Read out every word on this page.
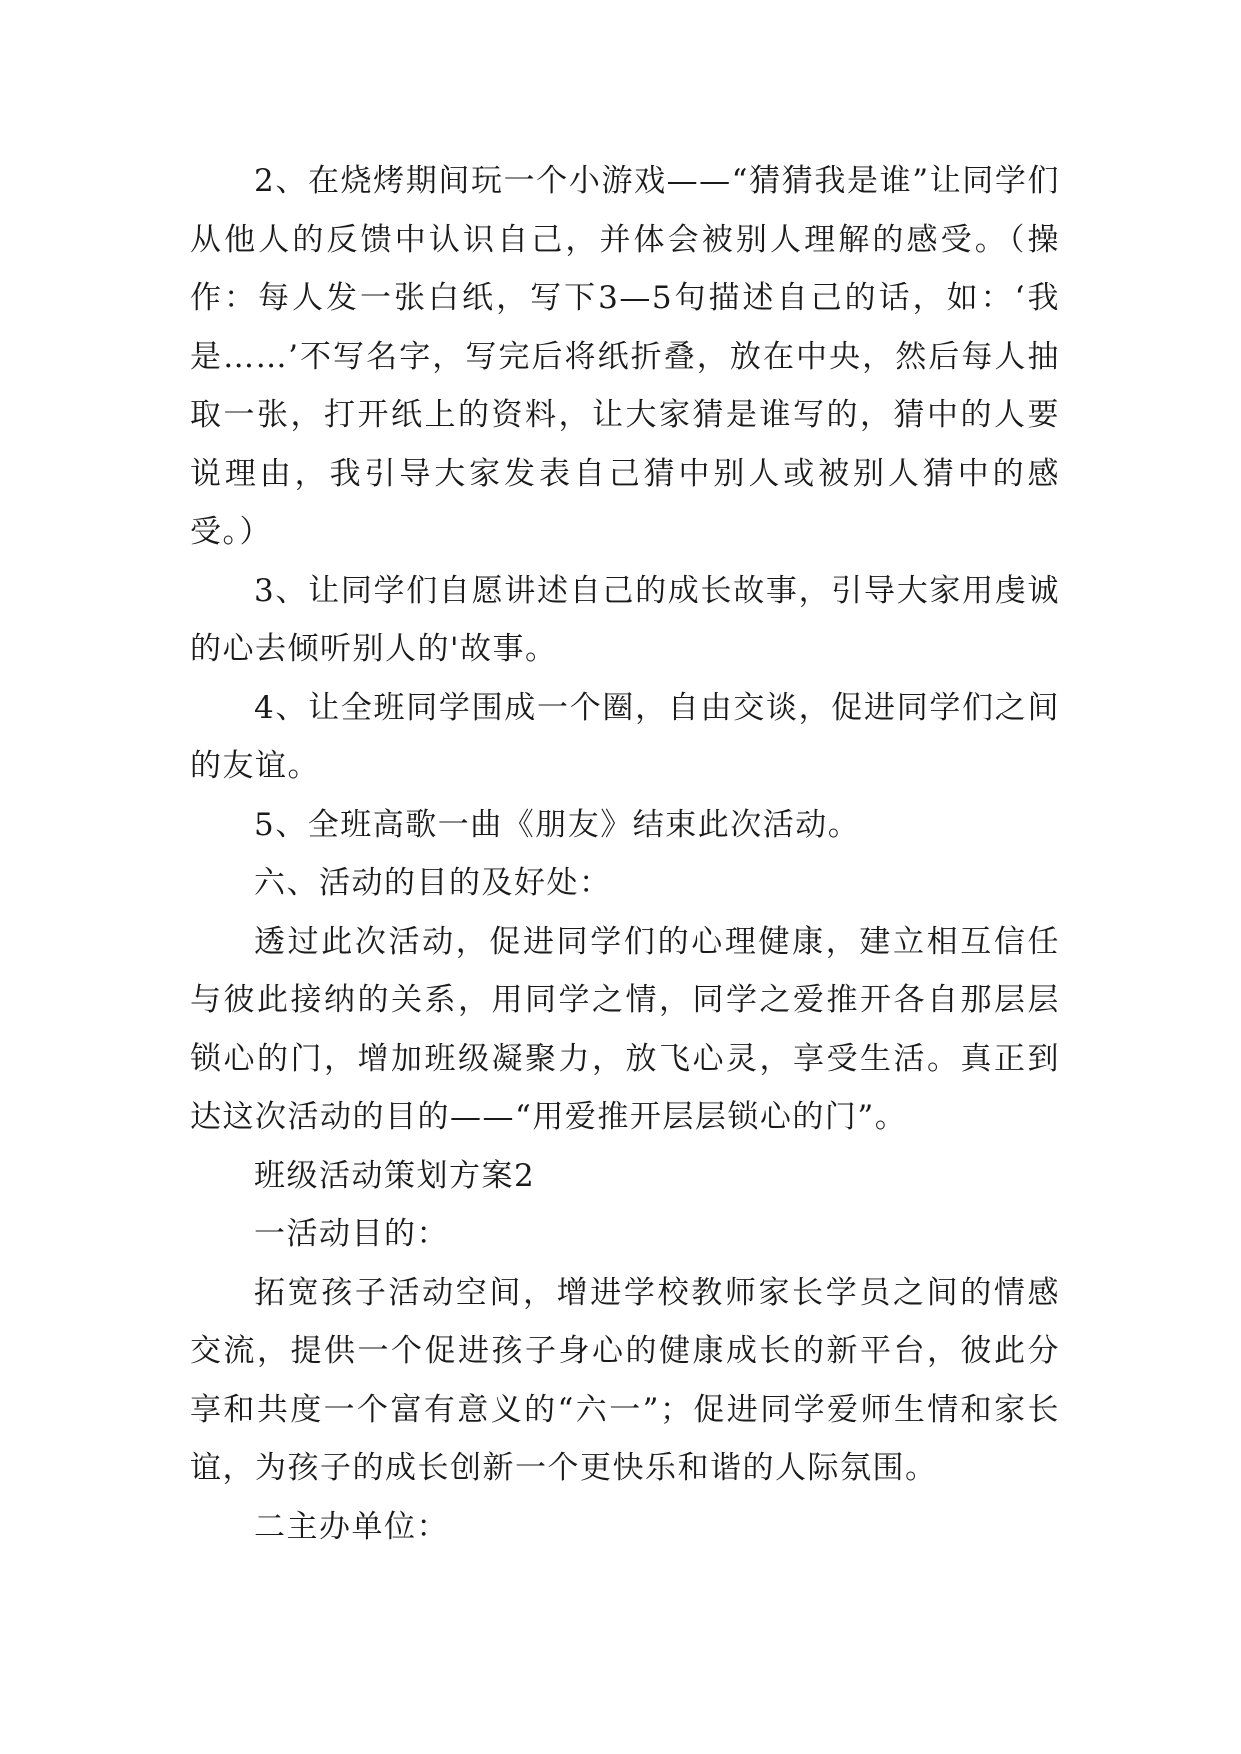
2、在烧烤期间玩一个小游戏——“猜猜我是谁”让同学们从他人的反馈中认识自己，并体会被别人理解的感受。（操作：每人发一张白纸，写下3—5句描述自己的话，如：‘我是……’不写名字，写完后将纸折叠，放在中央，然后每人抽取一张，打开纸上的资料，让大家猜是谁写的，猜中的人要说理由，我引导大家发表自己猜中别人或被别人猜中的感受。）

3、让同学们自愿讲述自己的成长故事，引导大家用虔诚的心去倾听别人的'故事。

4、让全班同学围成一个圈，自由交谈，促进同学们之间的友谊。

5、全班高歌一曲《朋友》结束此次活动。

六、活动的目的及好处：

透过此次活动，促进同学们的心理健康，建立相互信任与彼此接纳的关系，用同学之情，同学之爱推开各自那层层锁心的门，增加班级凝聚力，放飞心灵，享受生活。真正到达这次活动的目的——“用爱推开层层锁心的门”。

班级活动策划方案2

一活动目的：

拓宽孩子活动空间，增进学校教师家长学员之间的情感交流，提供一个促进孩子身心的健康成长的新平台，彼此分享和共度一个富有意义的“六一”；促进同学爱师生情和家长谊，为孩子的成长创新一个更快乐和谐的人际氛围。

二主办单位：
